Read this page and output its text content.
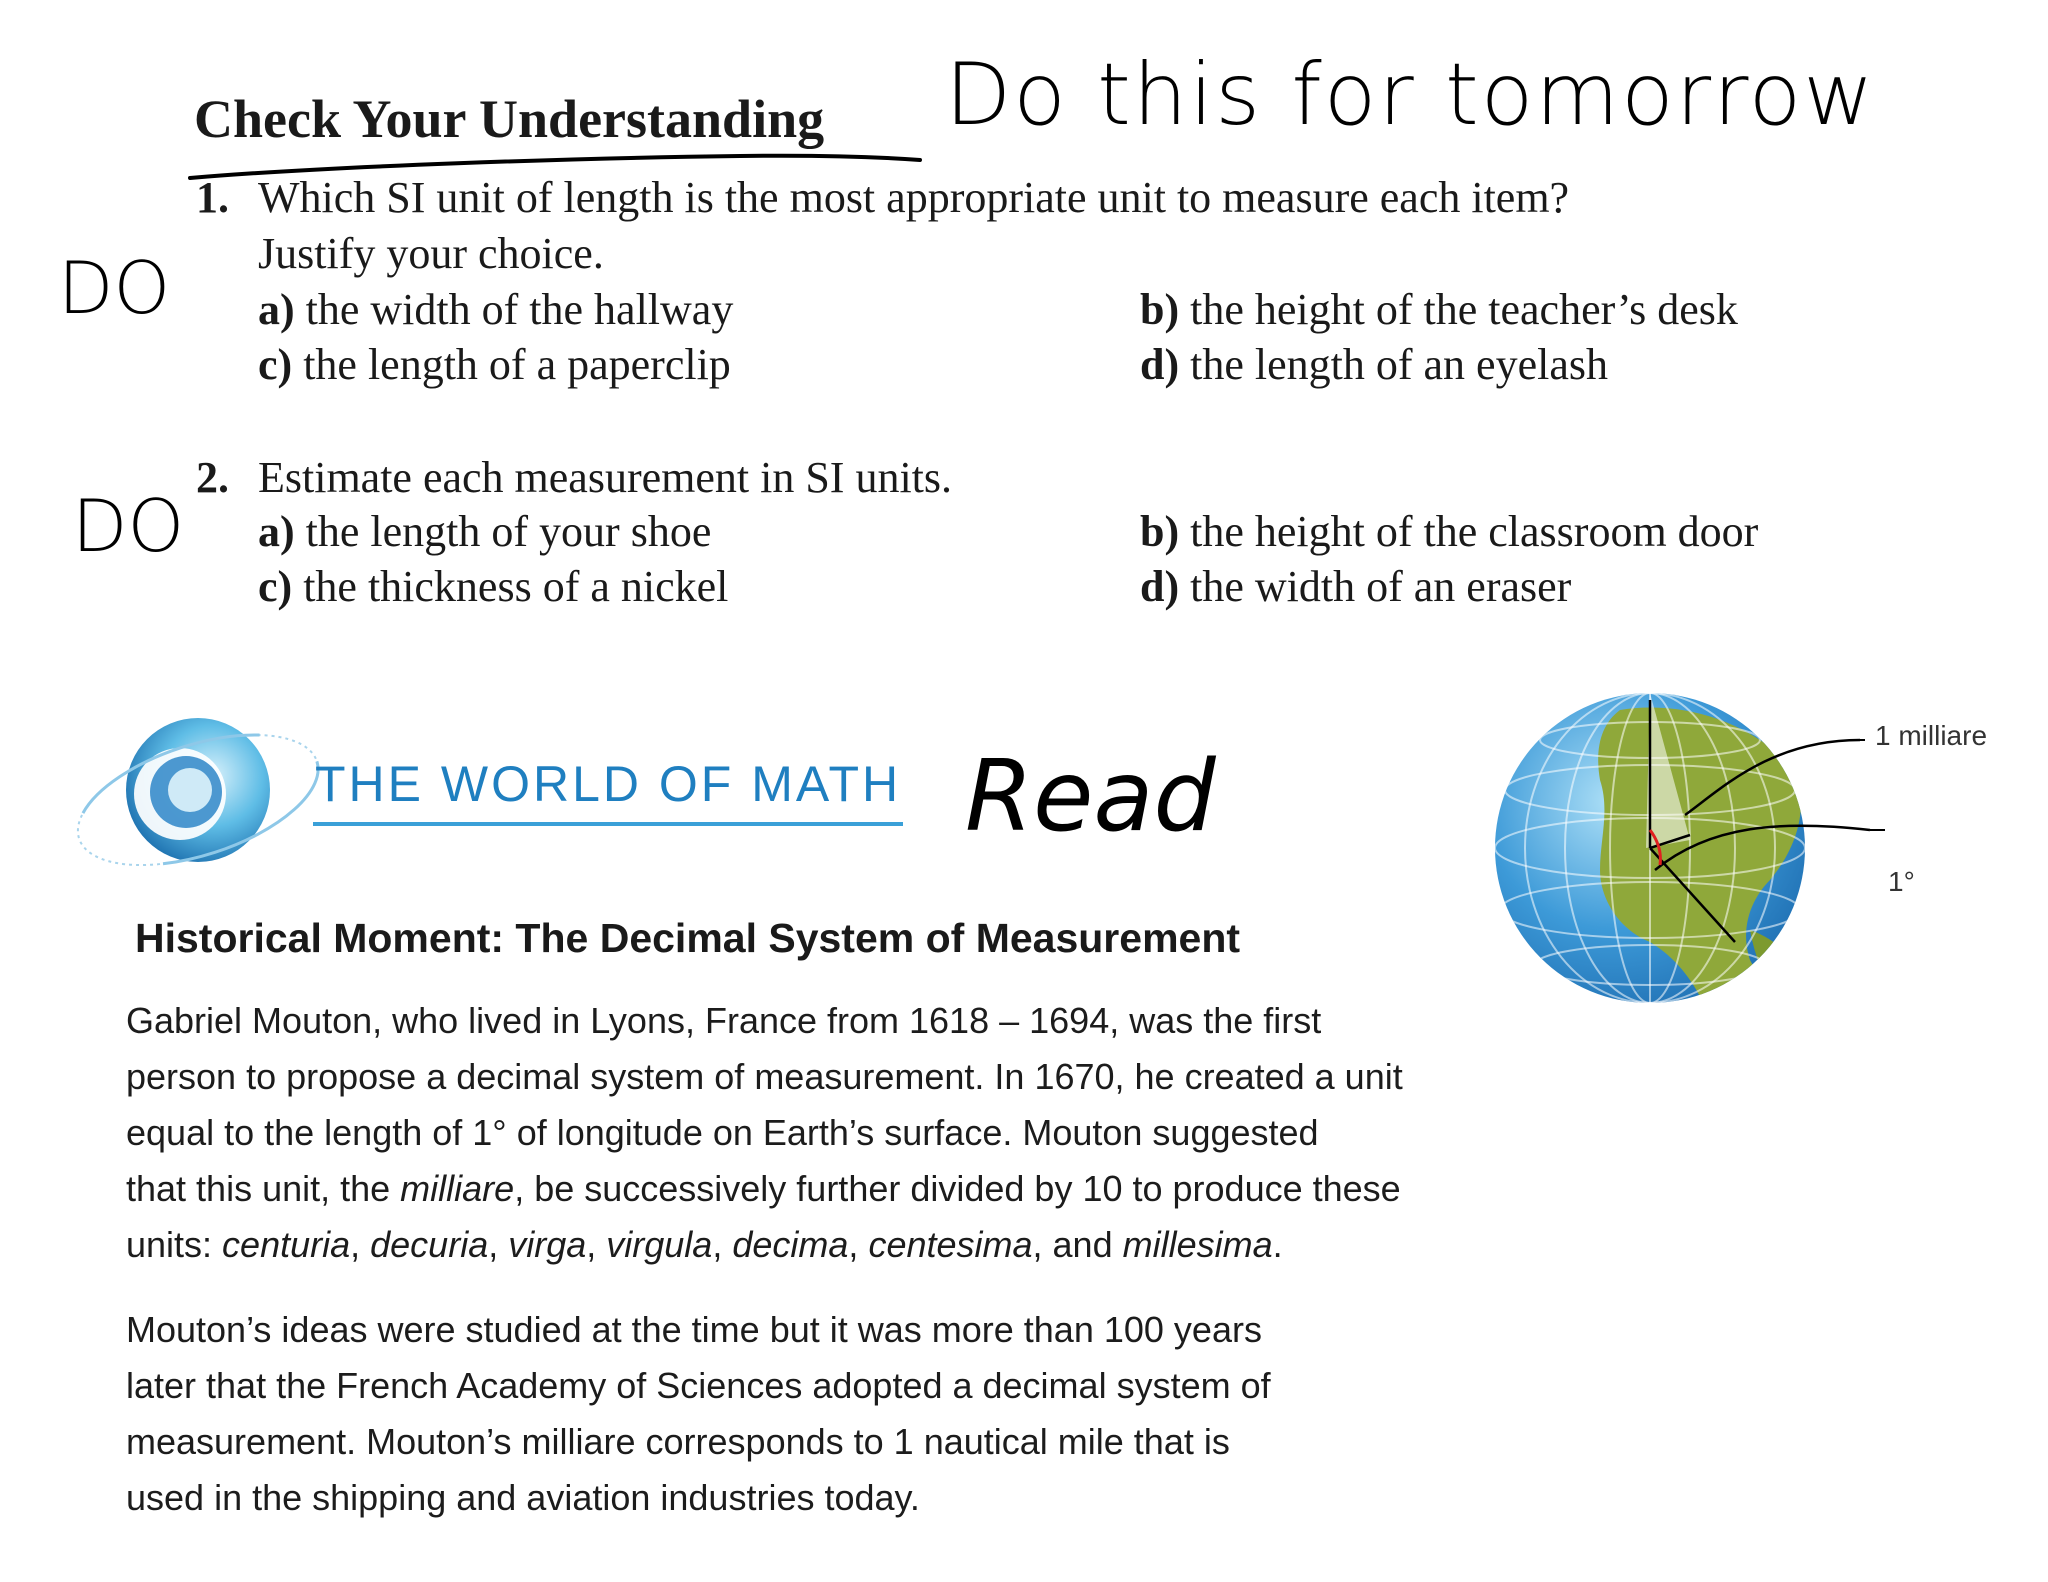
Check Your Understanding Do this for tomorrow
DO
1. Which SI unit of length is the most appropriate unit to measure each item?
Justify your choice.
a) the width of the hallway	b) the height of the teacher’s desk
c) the length of a paperclip	d) the length of an eyelash
DO
2. Estimate each measurement in SI units.
a) the length of your shoe	b) the height of the classroom door
c) the thickness of a nickel	d) the width of an eraser
THE WORLD OF MATH Read
1 milliare
1°
Historical Moment: The Decimal System of Measurement
Gabriel Mouton, who lived in Lyons, France from 1618 – 1694, was the first
person to propose a decimal system of measurement. In 1670, he created a unit
equal to the length of 1° of longitude on Earth’s surface. Mouton suggested
that this unit, the milliare, be successively further divided by 10 to produce these
units: centuria, decuria, virga, virgula, decima, centesima, and millesima.
Mouton’s ideas were studied at the time but it was more than 100 years
later that the French Academy of Sciences adopted a decimal system of
measurement. Mouton’s milliare corresponds to 1 nautical mile that is
used in the shipping and aviation industries today.
